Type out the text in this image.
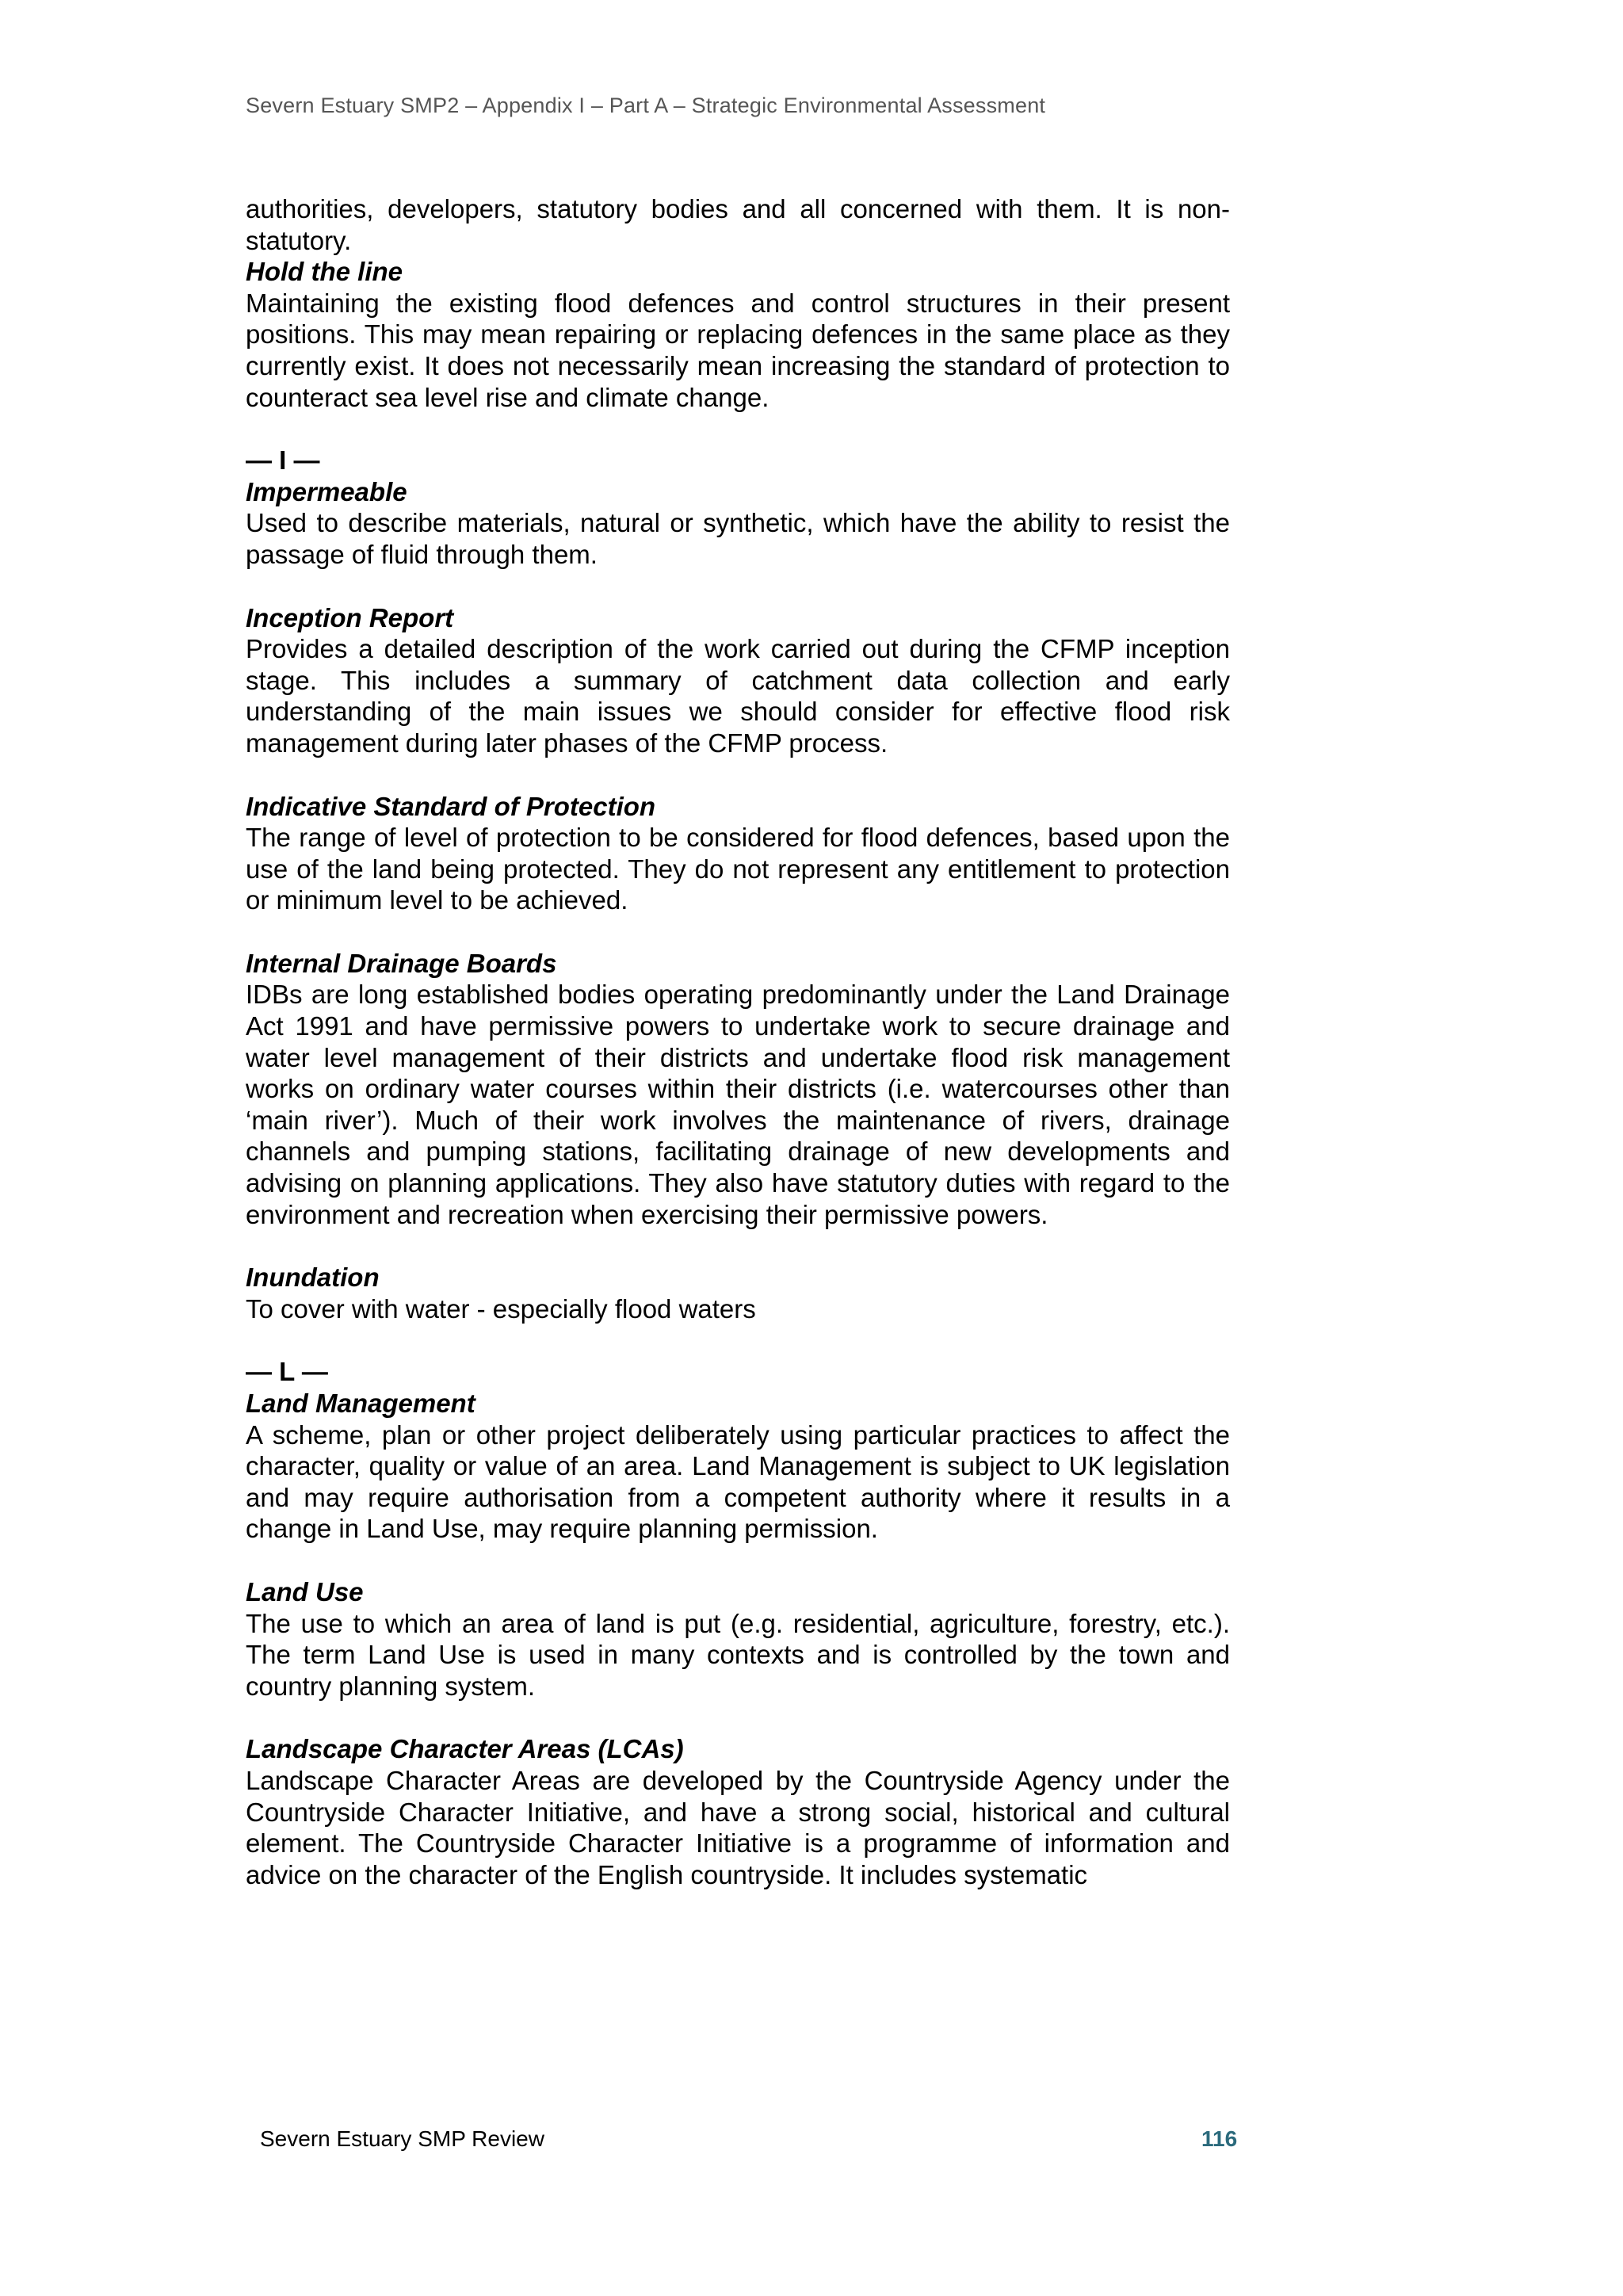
Severn Estuary SMP2 – Appendix I – Part A – Strategic Environmental Assessment

authorities, developers, statutory bodies and all concerned with them. It is non-statutory.

Hold the line

Maintaining the existing flood defences and control structures in their present positions. This may mean repairing or replacing defences in the same place as they currently exist. It does not necessarily mean increasing the standard of protection to counteract sea level rise and climate change.

— I —

Impermeable

Used to describe materials, natural or synthetic, which have the ability to resist the passage of fluid through them.

Inception Report

Provides a detailed description of the work carried out during the CFMP inception stage. This includes a summary of catchment data collection and early understanding of the main issues we should consider for effective flood risk management during later phases of the CFMP process.

Indicative Standard of Protection

The range of level of protection to be considered for flood defences, based upon the use of the land being protected. They do not represent any entitlement to protection or minimum level to be achieved.

Internal Drainage Boards

IDBs are long established bodies operating predominantly under the Land Drainage Act 1991 and have permissive powers to undertake work to secure drainage and water level management of their districts and undertake flood risk management works on ordinary water courses within their districts (i.e. watercourses other than ‘main river’). Much of their work involves the maintenance of rivers, drainage channels and pumping stations, facilitating drainage of new developments and advising on planning applications. They also have statutory duties with regard to the environment and recreation when exercising their permissive powers.

Inundation

To cover with water - especially flood waters

— L —

Land Management

A scheme, plan or other project deliberately using particular practices to affect the character, quality or value of an area. Land Management is subject to UK legislation and may require authorisation from a competent authority where it results in a change in Land Use, may require planning permission.

Land Use

The use to which an area of land is put (e.g. residential, agriculture, forestry, etc.). The term Land Use is used in many contexts and is controlled by the town and country planning system.

Landscape Character Areas (LCAs)

Landscape Character Areas are developed by the Countryside Agency under the Countryside Character Initiative, and have a strong social, historical and cultural element. The Countryside Character Initiative is a programme of information and advice on the character of the English countryside. It includes systematic

Severn Estuary SMP Review	116
